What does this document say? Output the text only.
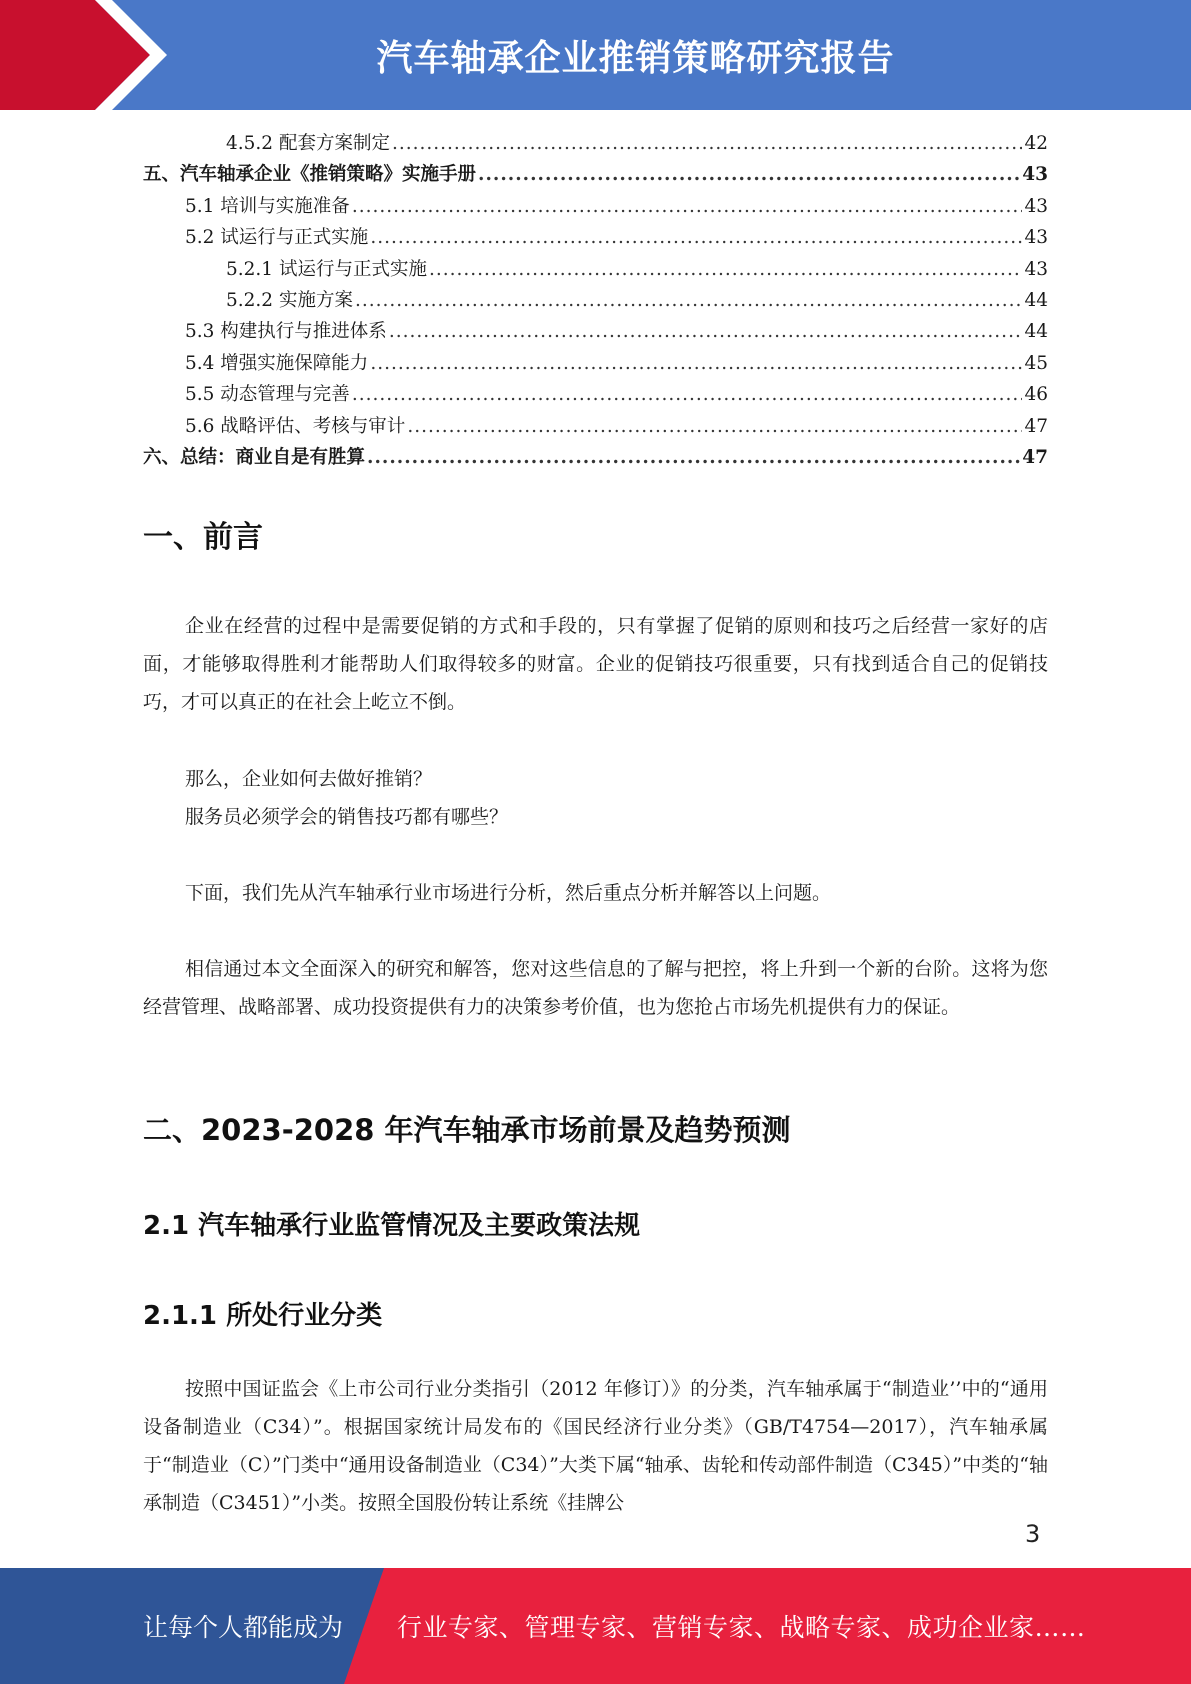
汽车轴承企业推销策略研究报告
4.5.2 配套方案制定 .....	42
五、汽车轴承企业《推销策略》实施手册 .....	43
5.1 培训与实施准备 .....	43
5.2 试运行与正式实施 .....	43
5.2.1 试运行与正式实施 .....	43
5.2.2 实施方案 .....	44
5.3 构建执行与推进体系 .....	44
5.4 增强实施保障能力 .....	45
5.5 动态管理与完善 .....	46
5.6 战略评估、考核与审计 .....	47
六、总结：商业自是有胜算 .....	47
一、前言

企业在经营的过程中是需要促销的方式和手段的，只有掌握了促销的原则和技巧之后经营一家好的店面，才能够取得胜利才能帮助人们取得较多的财富。企业的促销技巧很重要，只有找到适合自己的促销技巧，才可以真正的在社会上屹立不倒。

那么，企业如何去做好推销？

服务员必须学会的销售技巧都有哪些？

下面，我们先从汽车轴承行业市场进行分析，然后重点分析并解答以上问题。

相信通过本文全面深入的研究和解答，您对这些信息的了解与把控，将上升到一个新的台阶。这将为您经营管理、战略部署、成功投资提供有力的决策参考价值，也为您抢占市场先机提供有力的保证。

二、2023-2028 年汽车轴承市场前景及趋势预测
2.1 汽车轴承行业监管情况及主要政策法规
2.1.1 所处行业分类

按照中国证监会《上市公司行业分类指引（2012 年修订）》的分类，汽车轴承属于“制造业’’中的“通用设备制造业（C34）”。根据国家统计局发布的《国民经济行业分类》（GB/T4754—2017），汽车轴承属于“制造业（C）”门类中“通用设备制造业（C34）”大类下属“轴承、齿轮和传动部件制造（C345）”中类的“轴承制造（C3451）”小类。按照全国股份转让系统《挂牌公

3
让每个人都能成为 行业专家、管理专家、营销专家、战略专家、成功企业家……
